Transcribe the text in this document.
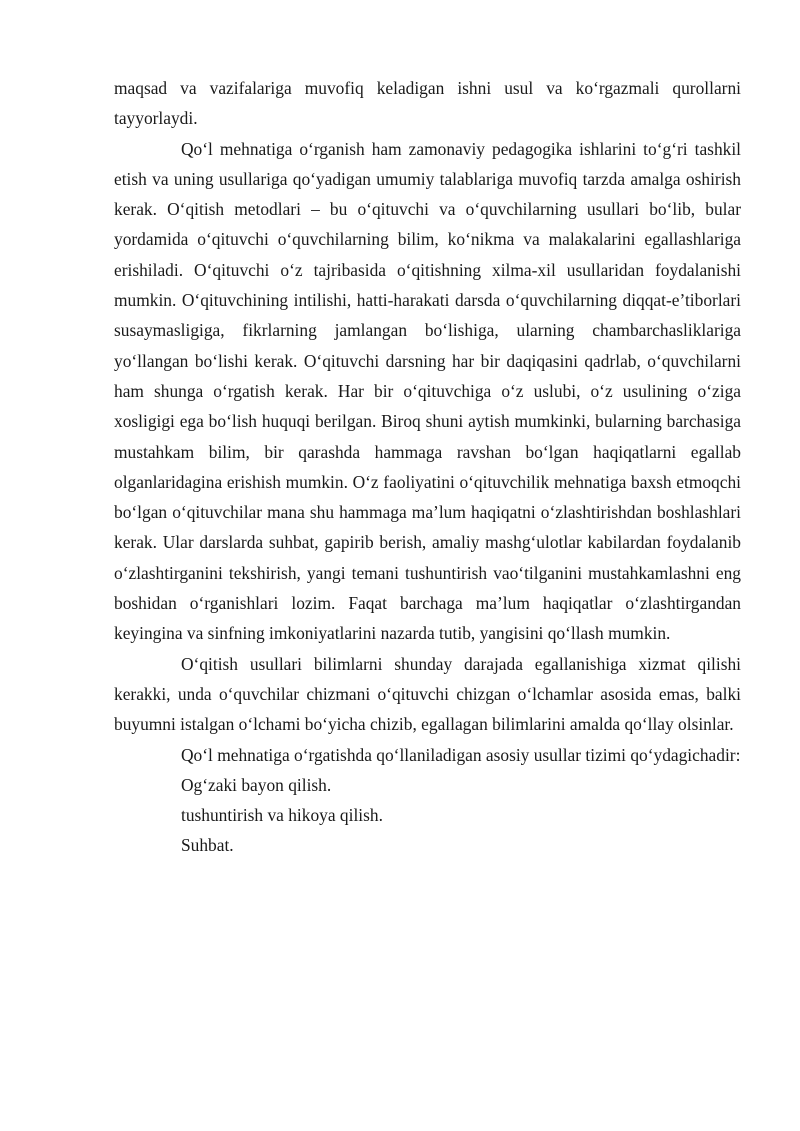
maqsad va vazifalariga muvofiq keladigan ishni usul va ko‘rgazmali qurollarni tayyorlaydi.

Qo‘l mehnatiga o‘rganish ham zamonaviy pedagogika ishlarini to‘g‘ri tashkil etish va uning usullariga qo‘yadigan umumiy talablariga muvofiq tarzda amalga oshirish kerak. O‘qitish metodlari – bu o‘qituvchi va o‘quvchilarning usullari bo‘lib, bular yordamida o‘qituvchi o‘quvchilarning bilim, ko‘nikma va malakalarini egallashlariga erishiladi. O‘qituvchi o‘z tajribasida o‘qitishning xilma-xil usullaridan foydalanishi mumkin. O‘qituvchining intilishi, hatti-harakati darsda o‘quvchilarning diqqat-e’tiborlari susaymasligiga, fikrlarning jamlangan bo‘lishiga, ularning chambarchasliklariga yo‘llangan bo‘lishi kerak. O‘qituvchi darsning har bir daqiqasini qadrlab, o‘quvchilarni ham shunga o‘rgatish kerak. Har bir o‘qituvchiga o‘z uslubi, o‘z usulining o‘ziga xosligigi ega bo‘lish huquqi berilgan. Biroq shuni aytish mumkinki, bularning barchasiga mustahkam bilim, bir qarashda hammaga ravshan bo‘lgan haqiqatlarni egallab olganlaridagina erishish mumkin. O‘z faoliyatini o‘qituvchilik mehnatiga baxsh etmoqchi bo‘lgan o‘qituvchilar mana shu hammaga ma’lum haqiqatni o‘zlashtirishdan boshlashlari kerak. Ular darslarda suhbat, gapirib berish, amaliy mashg‘ulotlar kabilardan foydalanib o‘zlashtirganini tekshirish, yangi temani tushuntirish vao‘tilganini mustahkamlashni eng boshidan o‘rganishlari lozim. Faqat barchaga ma’lum haqiqatlar o‘zlashtirgandan keyingina va sinfning imkoniyatlarini nazarda tutib, yangisini qo‘llash mumkin.

O‘qitish usullari bilimlarni shunday darajada egallanishiga xizmat qilishi kerakki, unda o‘quvchilar chizmani o‘qituvchi chizgan o‘lchamlar asosida emas, balki buyumni istalgan o‘lchami bo‘yicha chizib, egallagan bilimlarini amalda qo‘llay olsinlar.

Qo‘l mehnatiga o‘rgatishda qo‘llaniladigan asosiy usullar tizimi qo‘ydagichadir:

Og‘zaki bayon qilish.
tushuntirish va hikoya qilish.
Suhbat.
